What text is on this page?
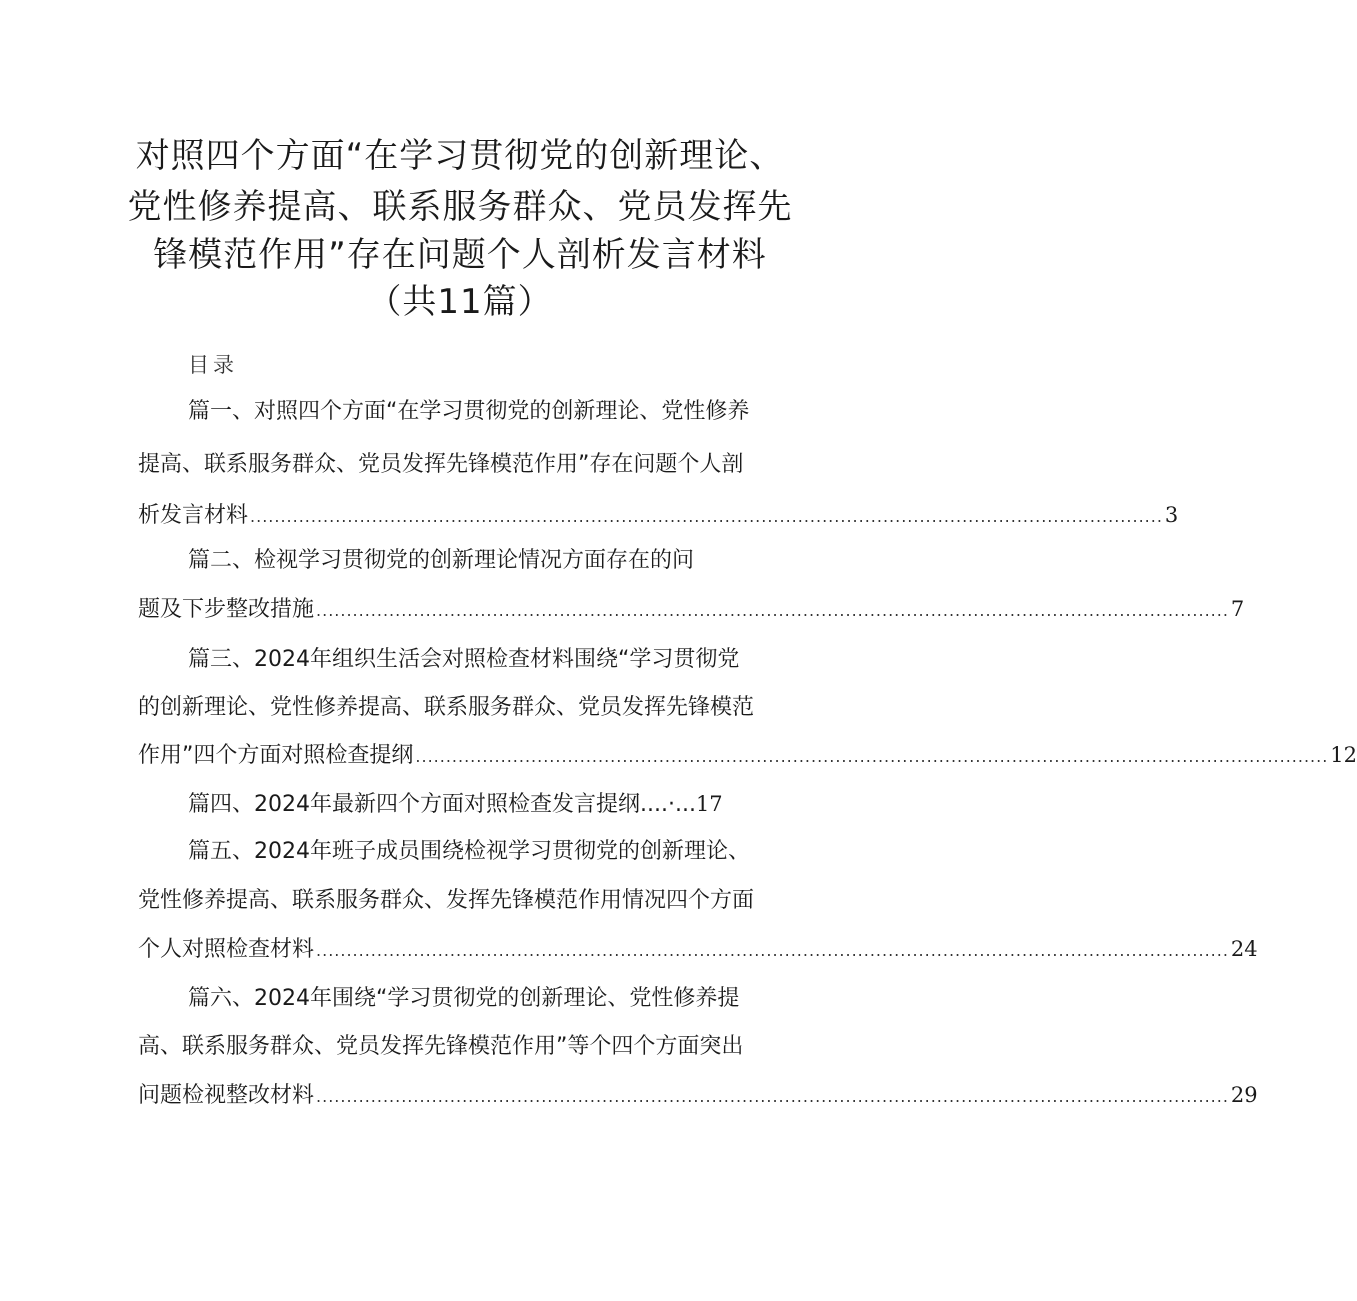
对照四个方面“在学习贯彻党的创新理论、
党性修养提高、联系服务群众、党员发挥先
锋模范作用”存在问题个人剖析发言材料
（共11篇）
目录
篇一、对照四个方面“在学习贯彻党的创新理论、党性修养
提高、联系服务群众、党员发挥先锋模范作用”存在问题个人剖
析发言材料 ...................................................................................................................................................... 3
篇二、检视学习贯彻党的创新理论情况方面存在的问
题及下步整改措施 ...................................................................................................................................................... 7
篇三、2024年组织生活会对照检查材料围绕“学习贯彻党
的创新理论、党性修养提高、联系服务群众、党员发挥先锋模范
作用”四个方面对照检查提纲 ...................................................................................................................................................... 12
篇四、2024年最新四个方面对照检查发言提纲....·...17
篇五、2024年班子成员围绕检视学习贯彻党的创新理论、
党性修养提高、联系服务群众、发挥先锋模范作用情况四个方面
个人对照检查材料 ...................................................................................................................................................... 24
篇六、2024年围绕“学习贯彻党的创新理论、党性修养提
高、联系服务群众、党员发挥先锋模范作用”等个四个方面突出
问题检视整改材料 ...................................................................................................................................................... 29
